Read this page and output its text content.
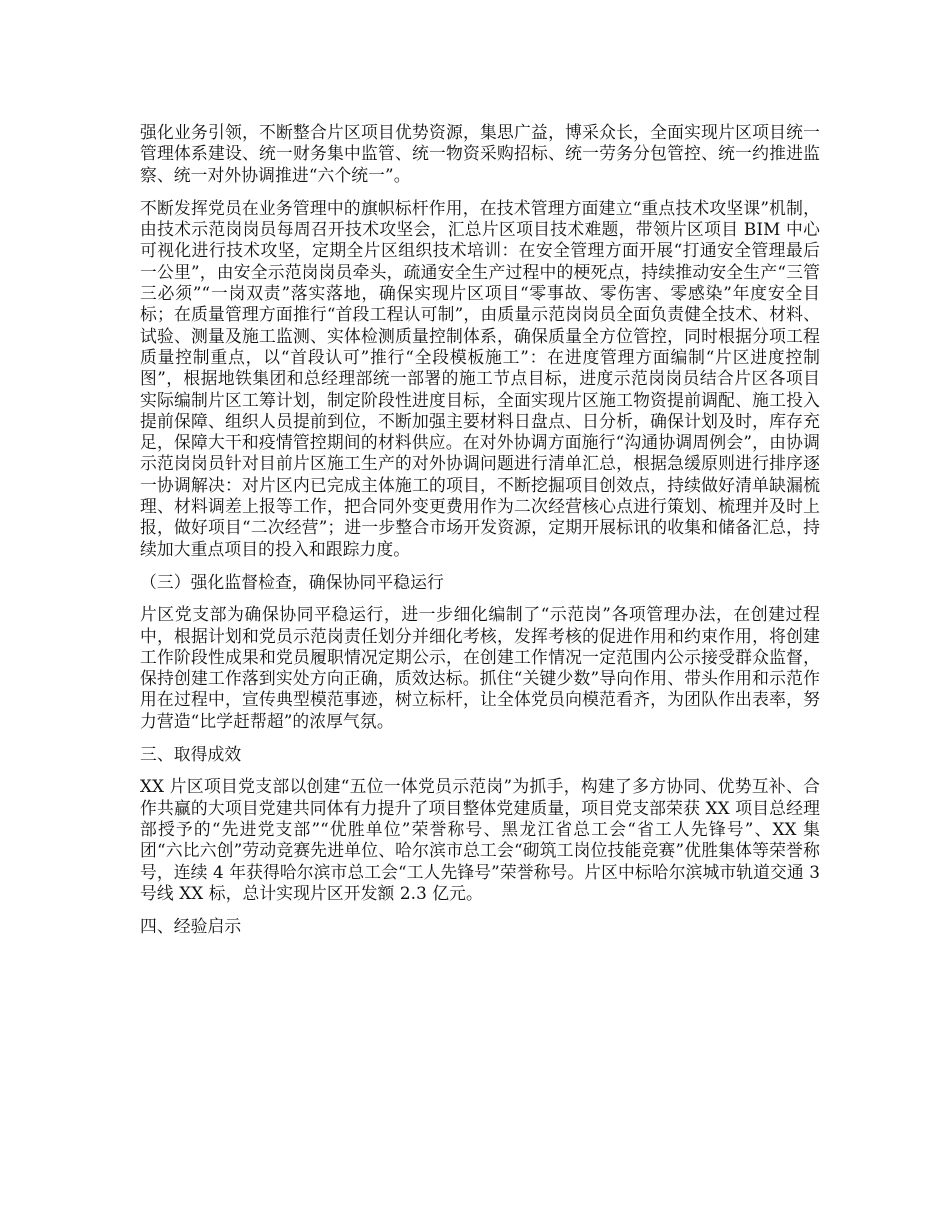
强化业务引领，不断整合片区项目优势资源，集思广益，博采众长，全面实现片区项目统一管理体系建设、统一财务集中监管、统一物资采购招标、统一劳务分包管控、统一约推进监察、统一对外协调推进“六个统一”。

不断发挥党员在业务管理中的旗帜标杆作用，在技术管理方面建立“重点技术攻坚课”机制，由技术示范岗岗员每周召开技术攻坚会，汇总片区项目技术难题，带领片区项目 BIM 中心可视化进行技术攻坚，定期全片区组织技术培训：在安全管理方面开展“打通安全管理最后一公里”，由安全示范岗岗员牵头，疏通安全生产过程中的梗死点，持续推动安全生产“三管三必须”“一岗双责”落实落地，确保实现片区项目“零事故、零伤害、零感染”年度安全目标；在质量管理方面推行“首段工程认可制”，由质量示范岗岗员全面负责健全技术、材料、试验、测量及施工监测、实体检测质量控制体系，确保质量全方位管控，同时根据分项工程质量控制重点，以“首段认可”推行“全段模板施工”：在进度管理方面编制“片区进度控制图”，根据地铁集团和总经理部统一部署的施工节点目标，进度示范岗岗员结合片区各项目实际编制片区工筹计划，制定阶段性进度目标，全面实现片区施工物资提前调配、施工投入提前保障、组织人员提前到位，不断加强主要材料日盘点、日分析，确保计划及时，库存充足，保障大干和疫情管控期间的材料供应。在对外协调方面施行“沟通协调周例会”，由协调示范岗岗员针对目前片区施工生产的对外协调问题进行清单汇总，根据急缓原则进行排序逐一协调解决：对片区内已完成主体施工的项目，不断挖掘项目创效点，持续做好清单缺漏梳理、材料调差上报等工作，把合同外变更费用作为二次经营核心点进行策划、梳理并及时上报，做好项目“二次经营”；进一步整合市场开发资源，定期开展标讯的收集和储备汇总，持续加大重点项目的投入和跟踪力度。

（三）强化监督检查，确保协同平稳运行

片区党支部为确保协同平稳运行，进一步细化编制了“示范岗”各项管理办法，在创建过程中，根据计划和党员示范岗责任划分并细化考核，发挥考核的促进作用和约束作用，将创建工作阶段性成果和党员履职情况定期公示，在创建工作情况一定范围内公示接受群众监督，保持创建工作落到实处方向正确，质效达标。抓住“关键少数”导向作用、带头作用和示范作用在过程中，宣传典型模范事迹，树立标杆，让全体党员向模范看齐，为团队作出表率，努力营造“比学赶帮超”的浓厚气氛。

三、取得成效

XX 片区项目党支部以创建“五位一体党员示范岗”为抓手，构建了多方协同、优势互补、合作共赢的大项目党建共同体有力提升了项目整体党建质量，项目党支部荣获 XX 项目总经理部授予的“先进党支部”“优胜单位”荣誉称号、黑龙江省总工会“省工人先锋号”、XX 集团“六比六创”劳动竞赛先进单位、哈尔滨市总工会“砌筑工岗位技能竞赛”优胜集体等荣誉称号，连续 4 年获得哈尔滨市总工会“工人先锋号”荣誉称号。片区中标哈尔滨城市轨道交通 3 号线 XX 标，总计实现片区开发额 2.3 亿元。

四、经验启示
